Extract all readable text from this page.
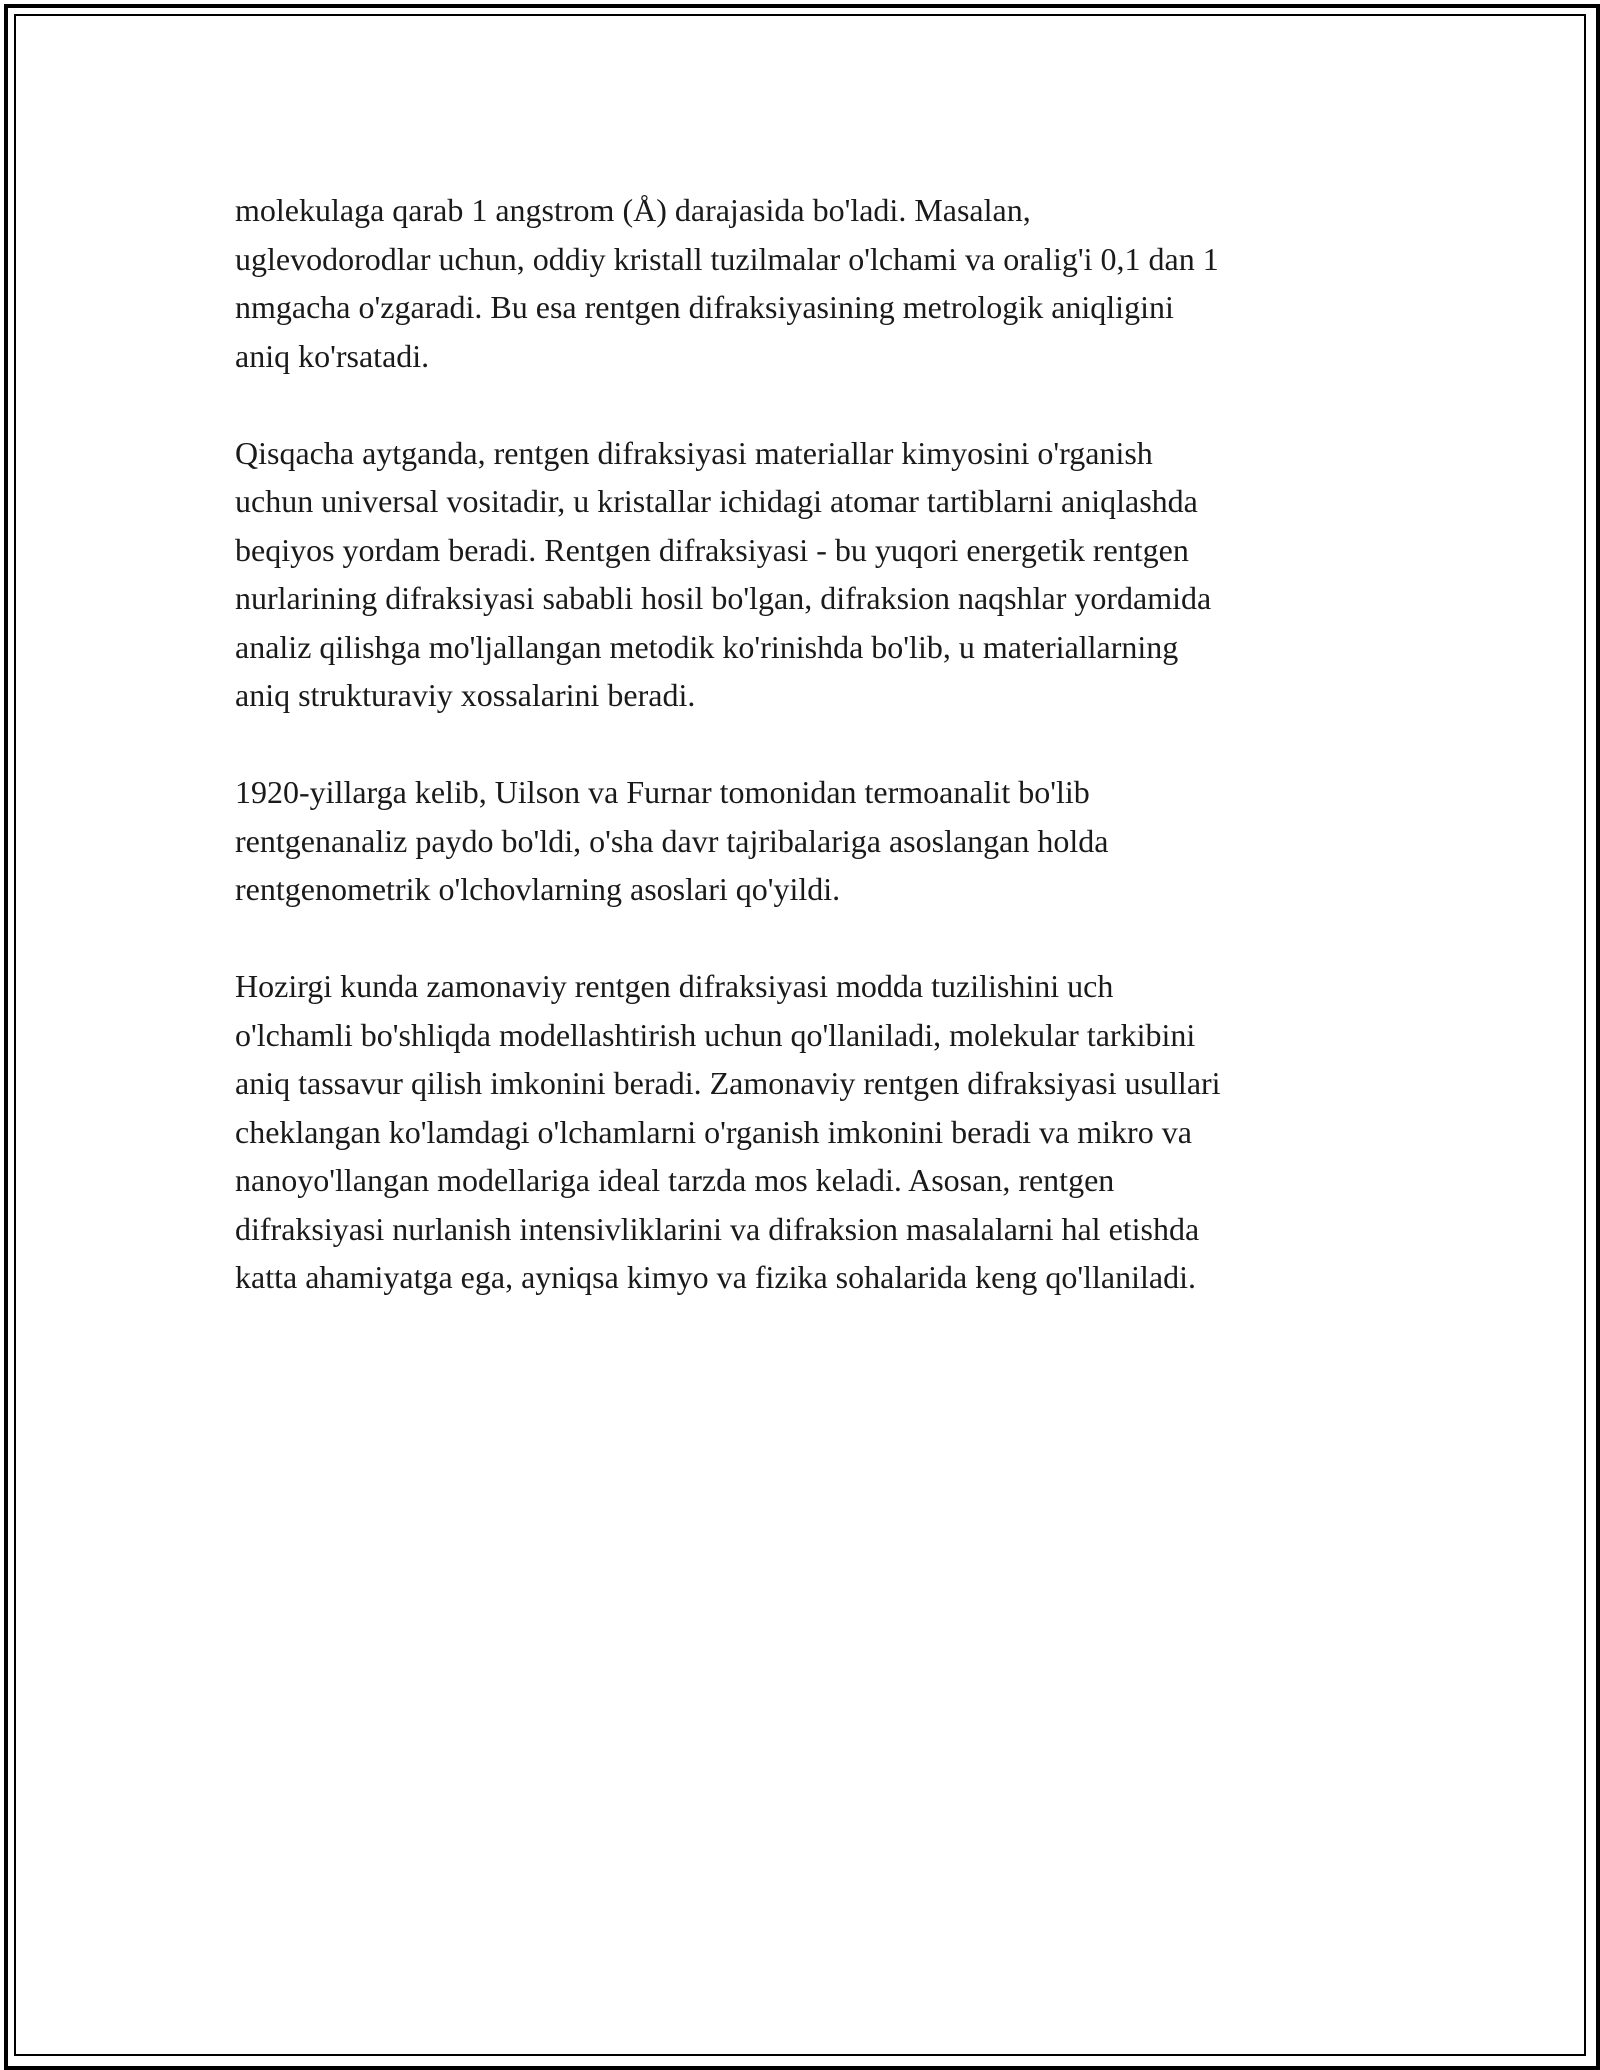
molekulaga qarab 1 angstrom (Å) darajasida bo'ladi. Masalan,
uglevodorodlar uchun, oddiy kristall tuzilmalar o'lchami va oralig'i 0,1 dan 1
nmgacha o'zgaradi. Bu esa rentgen difraksiyasining metrologik aniqligini
aniq ko'rsatadi.

Qisqacha aytganda, rentgen difraksiyasi materiallar kimyosini o'rganish
uchun universal vositadir, u kristallar ichidagi atomar tartiblarni aniqlashda
beqiyos yordam beradi. Rentgen difraksiyasi - bu yuqori energetik rentgen
nurlarining difraksiyasi sababli hosil bo'lgan, difraksion naqshlar yordamida
analiz qilishga mo'ljallangan metodik ko'rinishda bo'lib, u materiallarning
aniq strukturaviy xossalarini beradi.

1920-yillarga kelib, Uilson va Furnar tomonidan termoanalit bo'lib
rentgenanaliz paydo bo'ldi, o'sha davr tajribalariga asoslangan holda
rentgenometrik o'lchovlarning asoslari qo'yildi.

Hozirgi kunda zamonaviy rentgen difraksiyasi modda tuzilishini uch
o'lchamli bo'shliqda modellashtirish uchun qo'llaniladi, molekular tarkibini
aniq tassavur qilish imkonini beradi. Zamonaviy rentgen difraksiyasi usullari
cheklangan ko'lamdagi o'lchamlarni o'rganish imkonini beradi va mikro va
nanoyo'llangan modellariga ideal tarzda mos keladi. Asosan, rentgen
difraksiyasi nurlanish intensivliklarini va difraksion masalalarni hal etishda
katta ahamiyatga ega, ayniqsa kimyo va fizika sohalarida keng qo'llaniladi.
